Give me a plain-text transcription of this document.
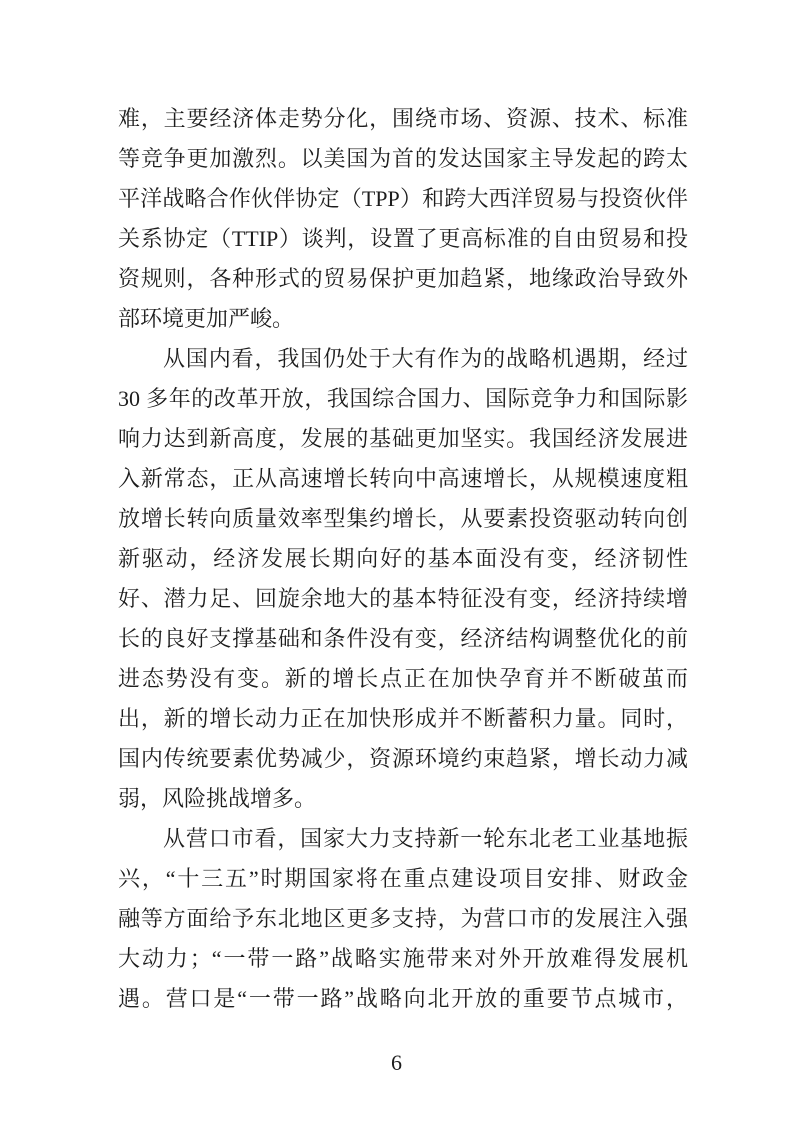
难，主要经济体走势分化，围绕市场、资源、技术、标准
等竞争更加激烈。以美国为首的发达国家主导发起的跨太
平洋战略合作伙伴协定（TPP）和跨大西洋贸易与投资伙伴
关系协定（TTIP）谈判，设置了更高标准的自由贸易和投
资规则，各种形式的贸易保护更加趋紧，地缘政治导致外
部环境更加严峻。
从国内看，我国仍处于大有作为的战略机遇期，经过
30 多年的改革开放，我国综合国力、国际竞争力和国际影
响力达到新高度，发展的基础更加坚实。我国经济发展进
入新常态，正从高速增长转向中高速增长，从规模速度粗
放增长转向质量效率型集约增长，从要素投资驱动转向创
新驱动，经济发展长期向好的基本面没有变，经济韧性
好、潜力足、回旋余地大的基本特征没有变，经济持续增
长的良好支撑基础和条件没有变，经济结构调整优化的前
进态势没有变。新的增长点正在加快孕育并不断破茧而
出，新的增长动力正在加快形成并不断蓄积力量。同时，
国内传统要素优势减少，资源环境约束趋紧，增长动力减
弱，风险挑战增多。
从营口市看，国家大力支持新一轮东北老工业基地振
兴，“十三五”时期国家将在重点建设项目安排、财政金
融等方面给予东北地区更多支持，为营口市的发展注入强
大动力；“一带一路”战略实施带来对外开放难得发展机
遇。营口是“一带一路”战略向北开放的重要节点城市，
6
